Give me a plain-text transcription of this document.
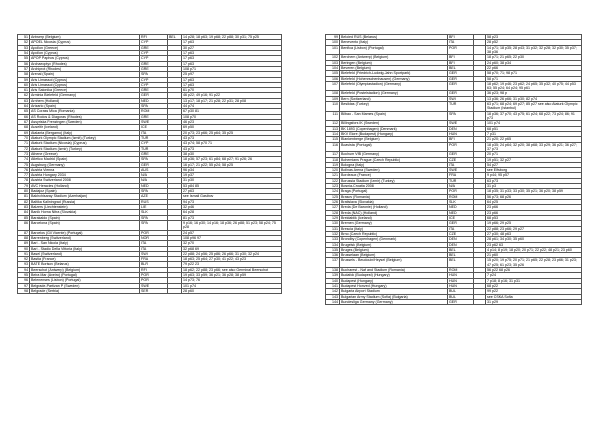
51	Antwerp (Belgium)	RFI	BEL	14 p28; 18 p63; 19 p68; 22 p88; 30 p31; 75 p25
52	APOEL Nicosia (Cyprus)	CYP		17 p63
53	Apollon (Greece)	GRE		30 p27
54	Apollon (Cyprus)	CYP		17 p63
55	APOP Paphos (Cyprus)	CYP		17 p63
56	Archaeoptyx (Rhodes)	GRE		17 p63
57	Archiprot (Rhodes)	GRE		108 p71
58	Arenal (Spain)	SPA		25 p97
59	Aris Limassol (Cyprus)	CYP		17 p63
60	Aris Limassol (Cyprus)	CYP		17 p63
61	Aris Salonika (Greece)	GRE		61 p70
62	Arminia Bielefeld (Germany)	GER		46 p22; 49 p16; 91 p22
63	Arnhem (Holland)	NED		13 p17; 18 p17; 21 p28; 22 p31; 28 p08
64	Artzarlo (Spain)	SPA		44 p74
65	AS Corass Mica (Romania)	ROM		67 p30 81
66	AS Rodos & Diagoras (Rhodes)	GRE		108 p70
67	Assyriska Frenzingen (Sweden)	SWE		46 p23
68	Auseltir (Iceland)	ICE		69 p50
69	Atalanta (Bergamo) (Italy)	ITA		20 p73; 23 p66; 25 p64; 35 p25
70	Ataturk Olympic Stadium (Izmit) (Turkey)	TUR		43 p73
71	Ataturk Stadium (Nicosia) (Cyprus)	CYP		43 p74; 58 p70 71
72	Ataturk Stadium (Izmir) (Turkey)	TUR		43 p73
73	Athene (Greece)	GRE		38 p30
74	Atletico Madrid (Spain)	SPA		18 p36; 57 p23; 61 p84; 68 p27; 91 p26; 26
75	Augsburg (Germany)	GER		16 p17; 21 p22; 55 p24; 58 p25
76	Austria Vienna	AUS		96 p34
77	Austria Hungary 2034	N/A		19 p37
78	Austria Switzerland 2008	N/A		31 p30
79	AVC Heracles (Holland)	NED		53 p84 85
80	Badajoz (Spain)	SPA		27 p63
81	Bakhchisaray Stadium (Azerbaijan)	AZE		see Ismail Gasibov
82	Baltika Kaliningrad (Russia)	RUS		94 p73
83	Balzers (Liechtenstein)	LIE		32 p46
84	Banik Horna Nitra (Slovakia)	SLK		64 p28
85	Barakaldo (Spain)	SPA		81 p73
86	Barcelona (Spain)	SPA		9 p16; 16 p30; 14 p16; 18 p36; 26 p88; 51 p23; 58 p24; 75 p28
87	Barcelos (Gil Vicente) (Portugal)	POR		24 p57
88	Barrenberg (Switzerland)	NOR		108 p96 97
89	Bari - San Nicola (Italy)	ITA		32 p70
90	Bari - Stadio Della Vittoria (Italy)	ITA		32 p68 69
91	Basel (Switzerland)	SWI		22 p88; 24 p56; 25 p86; 26 p66; 31 p30; 32 p24
92	Bastia (France)	FRA		18 p63; 25 p64; 27 p30; 41 p22; 43 p23
93	BATE Borisov (Belarus)	BLR		79 p22 23
94	Beerschot (Antwerp) (Belgium)	RFI		18 p62; 22 p88; 23 p66; see also Germinal Beerschot
95	Beira Mar (Aveiro) (Portugal)	POR		19 p63; 33 p59; 36 p21; 36 p28; 38 p59
96	Belenenses (Lisbon) (Portugal)	POR		14 p73; 76
97	Belgrade-Partizan P (Sweden)	SWE		101 p74
98	Belgrade (Serbia)	SER		28 p60
99	Beloied RUS (Belarus)	BFI		58 p23
100	Benevento (Italy)	ITA		28 p52
101	Benfica (Lisbon) (Portugal)	POR		14 p71; 18 p35; 28 p43; 31 p32; 32 p28; 32 p30; 35 p37; 38 p36
102	Berchem (Antwerp) (Belgium)	BFI		18 p71; 21 p65; 22 p30
103	Beringen (Belgium)	BFI		24 p60; 38 p34
104	Beveren (Belgium)	BEL		22 p66
105	Bielefeld (Friedrich-Ludwig-Jahn Sportpark)	GER		58 p70; 71; 98 p71
106	Bielefeld (Hohenrschenhausen) (Germany)	GER		58 p71
107	Bielefeld (Olympiastadion) (Germany)	GER		18 p62; 19 p46; 23 p62; 24 p65; 35 p32; 40 p75; 44 p53 63; 55 p24; 64 p24; 95 p61
108	Bielefeld (Postelstadion) (Germany)	GER		36 p23; 98 p
109	Bern (Switzerland)	SWI		13 p36; 26 p66; 31 p30; 82 p74
110	Besiktas (Turkey)	TUR		63 p71; 68 p24; 69 p27; 85 p27 see also Ataturk Olympic Stadium (Istanbul)
111	Bilbao - San Mames (Spain)	SPA		18 p36; 37 p70; 43 p75; 61 p24; 68 p22; 73 p24; 86; 91 p73
112	Billingsfors IK (Sweden)	SWE		101 p74
113	BK 1893 (Copenhagen) (Denmark)	DEN		68 p51
114	BKV Elore (Budapest) (Hungary)	HUN		7 p31
115	Blankenberge (Belgium)	BFI		21 p20; 22 p65
116	Boavista (Portugal)	POR		18 p35; 24 p64; 32 p20; 38 p68; 33 p29; 36 p21; 36 p27; 37 p73
117	Bochum VfB (Germany)	GER		20 p71
118	Bohemians Prague (Czech Republic)	CZE		19 p51; 32 p27
119	Bologna (Italy)	ITA		54 p27
120	Bollnas Arena (Sweden)	SWE		see Elfsborg
121	Bordeaux (France)	FRA		9 p44; 95 p57
122	Borussia Stadium (Izmir) (Turkey)	TUR		63 p73
123	Bosnia-Croatia 2008	N/A		31 p3
124	Braga (Portugal)	POR		18 p35; 31 p33; 33 p30; 35 p21; 36 p20; 38 p59
125	Brasov (Romania)	ROM		56 p73; 68 p26
126	Bratislava (Slovakia)	SLK		64 p25
127	Breda (De Baronie) (Holland)	NED		23 p66
128	Breda (NAC) (Holland)	NED		23 p66
129	Breidablik (Iceland)	ICE		68 p53
130	Bremen (Germany)	GER		19 p66; 29 p25
131	Brescia (Italy)	ITA		22 p88; 23 p66; 29 p27
132	Brno (Czech Republic)	CZE		27 p30; 48 p63
133	Brondby (Copenhagen) (Denmark)	DEN		28 p61; 34 p30; 35 p60
134	Brugelsk (Belgium)	DEN		23 p62 63
135	Bruges (Belgium)	BEL		4 p14; 8 p19; 18 p20; 20 p71; 22 p22; 48 p21; 23 p60
136	Brusselaan (Belgium)	BEL		21 p60
137	Brussels - Beudouin/Heysel (Belgium)	BEL		15 p20; 19 p75; 20 p71; 21 p65; 22 p28; 23 p66; 31 p23; 47 p25; 61 p23; 35 p26
138	Bucharest - Naf and Stadium (Romania)	ROM		56 p22 68 p26
139	Budafok (Budapest) (Hungary)	HUN		7 p24
140	Budapest (Hungary)	HUN		7 p18; 8 p16; 31 p31
141	Budapest Honved (Hungary)	HUN		68 p22
142	Bulgaria Airport Stadium	BUL		99 p22
143	Bulgarian Army Stadium (Sofia) (Bulgaria)	BUL		see CSKA Sofia
144	Bundesliga Germany (Germany)	GER		31 p29
